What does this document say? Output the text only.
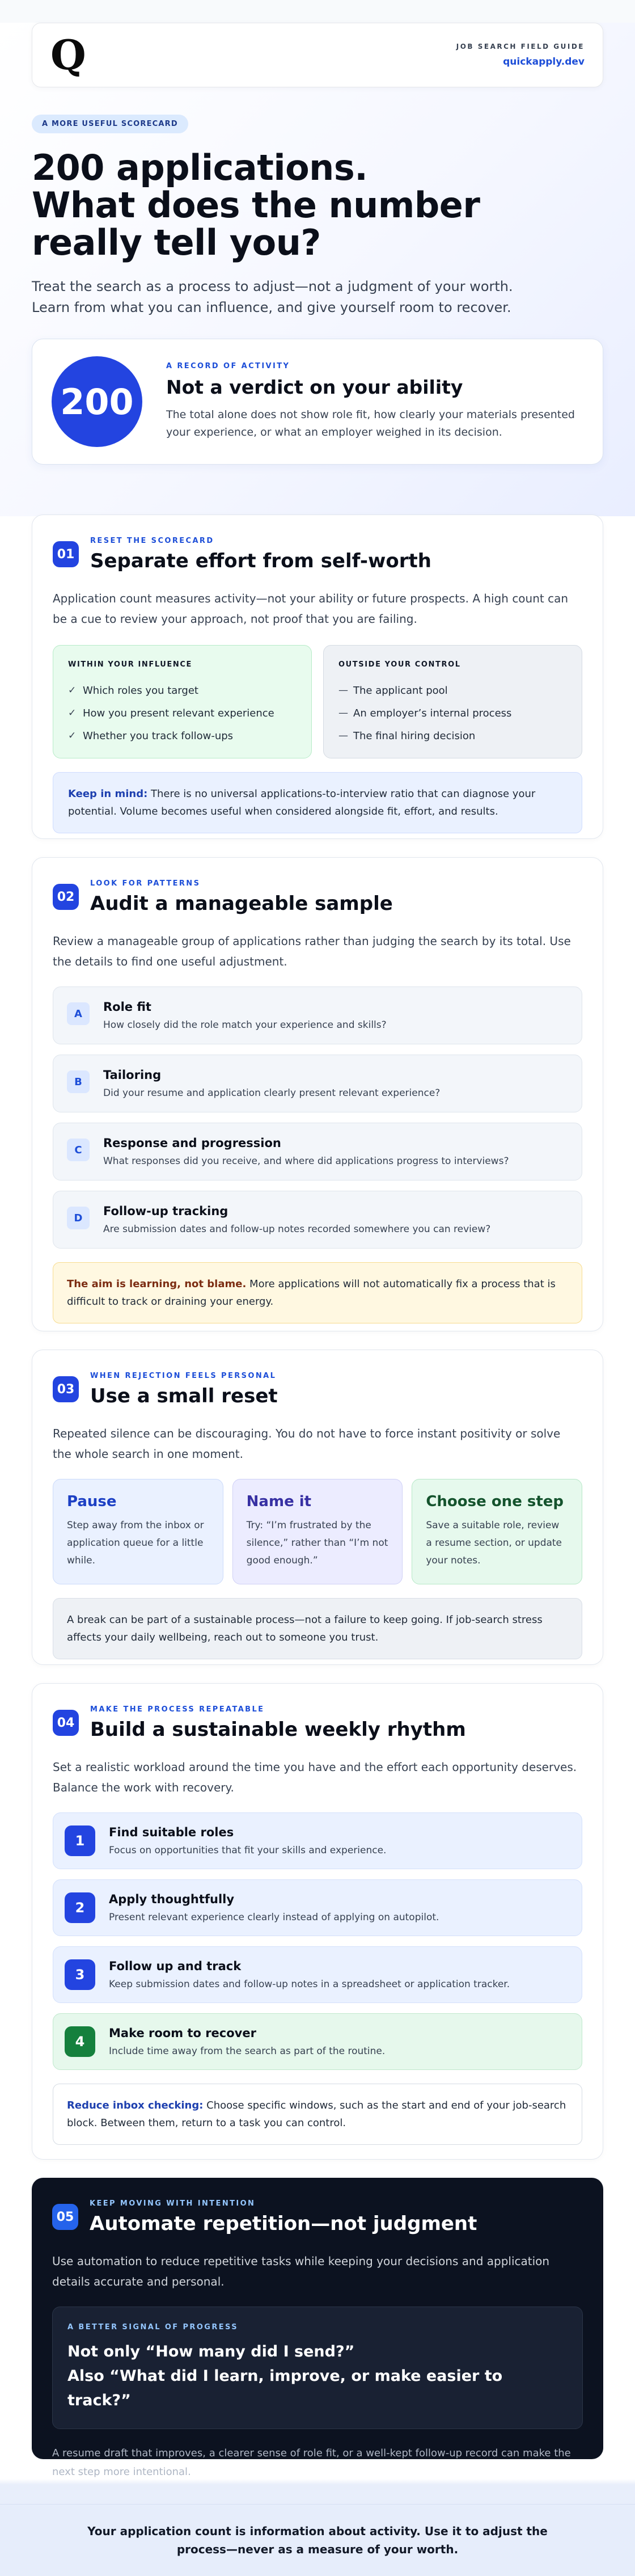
Q	JOB SEARCH FIELD GUIDE
quickapply.dev
A MORE USEFUL SCORECARD
200 applications.
What does the number
really tell you?

Treat the search as a process to adjust—not a judgment of your worth. Learn from what you can influence, and give yourself room to recover.

200
A RECORD OF ACTIVITY
Not a verdict on your ability

The total alone does not show role fit, how clearly your materials presented your experience, or what an employer weighed in its decision.

01
RESET THE SCORECARD
Separate effort from self-worth

Application count measures activity—not your ability or future prospects. A high count can be a cue to review your approach, not proof that you are failing.

WITHIN YOUR INFLUENCE
✓ Which roles you target
✓ How you present relevant experience
✓ Whether you track follow-ups
OUTSIDE YOUR CONTROL
— The applicant pool
— An employer’s internal process
— The final hiring decision
Keep in mind: There is no universal applications-to-interview ratio that can diagnose your potential. Volume becomes useful when considered alongside fit, effort, and results.
02
LOOK FOR PATTERNS
Audit a manageable sample

Review a manageable group of applications rather than judging the search by its total. Use the details to find one useful adjustment.

A	Role fit
How closely did the role match your experience and skills?
B	Tailoring
Did your resume and application clearly present relevant experience?
C	Response and progression
What responses did you receive, and where did applications progress to interviews?
D	Follow-up tracking
Are submission dates and follow-up notes recorded somewhere you can review?
The aim is learning, not blame. More applications will not automatically fix a process that is difficult to track or draining your energy.
03
WHEN REJECTION FEELS PERSONAL
Use a small reset

Repeated silence can be discouraging. You do not have to force instant positivity or solve the whole search in one moment.

Pause

Step away from the inbox or application queue for a little while.

Name it

Try: “I’m frustrated by the silence,” rather than “I’m not good enough.”

Choose one step

Save a suitable role, review a resume section, or update your notes.

A break can be part of a sustainable process—not a failure to keep going. If job-search stress affects your daily wellbeing, reach out to someone you trust.
04
MAKE THE PROCESS REPEATABLE
Build a sustainable weekly rhythm

Set a realistic workload around the time you have and the effort each opportunity deserves. Balance the work with recovery.

1
Find suitable roles
Focus on opportunities that fit your skills and experience.
2
Apply thoughtfully
Present relevant experience clearly instead of applying on autopilot.
3
Follow up and track
Keep submission dates and follow-up notes in a spreadsheet or application tracker.
4
Make room to recover
Include time away from the search as part of the routine.
Reduce inbox checking: Choose specific windows, such as the start and end of your job-search block. Between them, return to a task you can control.
05
KEEP MOVING WITH INTENTION
Automate repetition—not judgment

Use automation to reduce repetitive tasks while keeping your decisions and application details accurate and personal.

A BETTER SIGNAL OF PROGRESS
Not only “How many did I send?”
Also “What did I learn, improve, or make easier to track?”

A resume draft that improves, a clearer sense of role fit, or a well-kept follow-up record can make the next step more intentional.

Your application count is information about activity. Use it to adjust the process—never as a measure of your worth.
